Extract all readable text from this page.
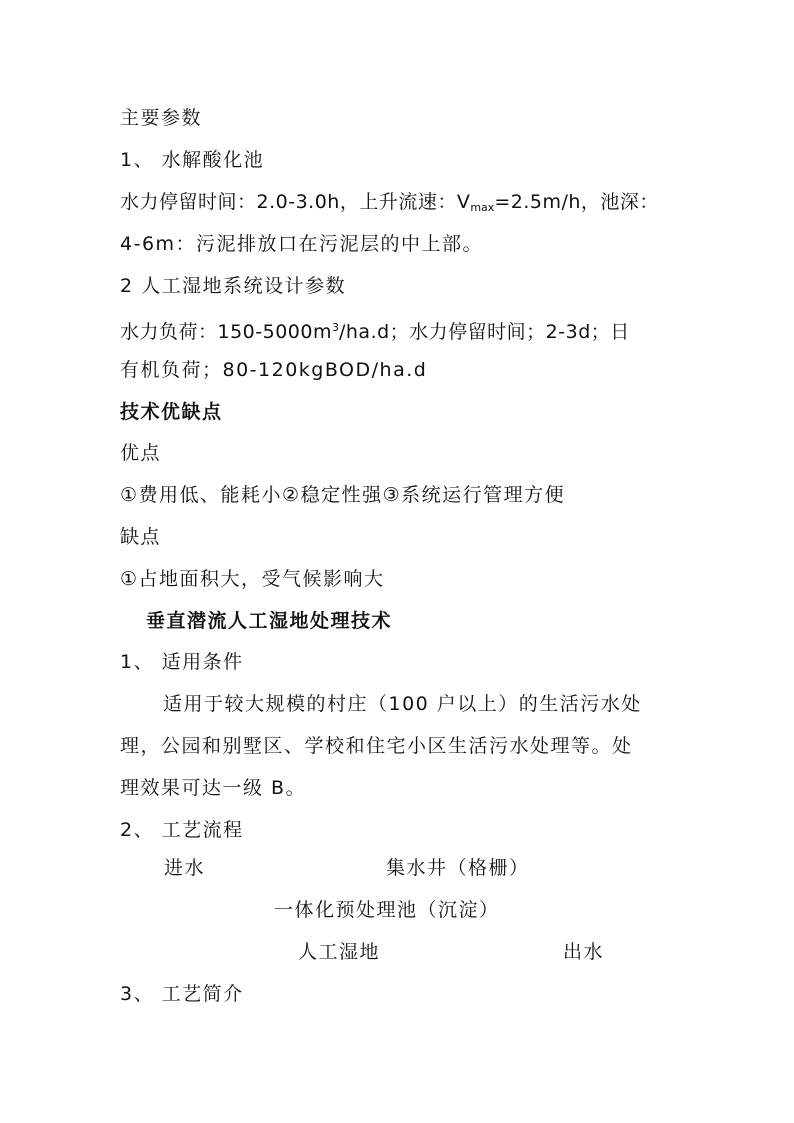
主要参数
1、 水解酸化池
水力停留时间：2.0-3.0h，上升流速：$V_{max}=2.5m/h$，池深：
4-6m：污泥排放口在污泥层的中上部。
2 人工湿地系统设计参数
水力负荷：$150-5000m^3/ha.d$；水力停留时间；2-3d；日
有机负荷；80-120kgBOD/ha.d
技术优缺点
优点
①费用低、能耗小②稳定性强③系统运行管理方便
缺点
①占地面积大，受气候影响大
垂直潜流人工湿地处理技术
1、 适用条件
适用于较大规模的村庄（100 户以上）的生活污水处
理，公园和别墅区、学校和住宅小区生活污水处理等。处
理效果可达一级 B。
2、 工艺流程
进水	集水井（格栅）
一体化预处理池（沉淀）
人工湿地	出水
3、 工艺简介
